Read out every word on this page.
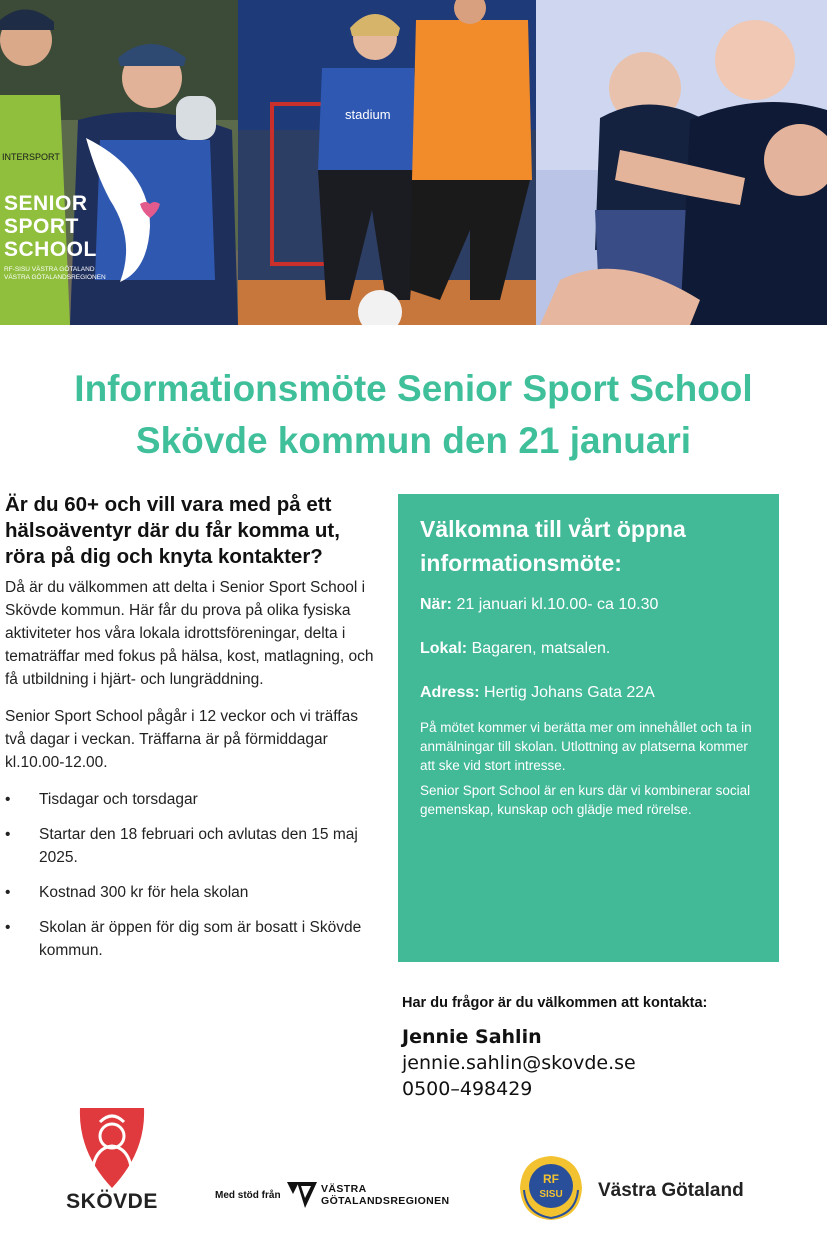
INTERSPORT
stadium
SENIOR
SPORT
SCHOOL
RF-SISU VÄSTRA GÖTALAND
VÄSTRA GÖTALANDSREGIONEN
Informationsmöte Senior Sport School
Skövde kommun den 21 januari

Är du 60+ och vill vara med på ett hälsoäventyr där du får komma ut, röra på dig och knyta kontakter?

Då är du välkommen att delta i Senior Sport School i Skövde kommun. Här får du prova på olika fysiska aktiviteter hos våra lokala idrottsföreningar, delta i tematräffar med fokus på hälsa, kost, matlagning, och få utbildning i hjärt- och lungräddning.

Senior Sport School pågår i 12 veckor och vi träffas två dagar i veckan. Träffarna är på förmiddagar kl.10.00-12.00.

• Tisdagar och torsdagar
• Startar den 18 februari och avlutas den 15 maj 2025.
• Kostnad 300 kr för hela skolan
• Skolan är öppen för dig som är bosatt i Skövde kommun.

Välkomna till vårt öppna informationsmöte:

När: 21 januari kl.10.00- ca 10.30

Lokal: Bagaren, matsalen.

Adress: Hertig Johans Gata 22A

På mötet kommer vi berätta mer om innehållet och ta in anmälningar till skolan. Utlottning av platserna kommer att ske vid stort intresse.

Senior Sport School är en kurs där vi kombinerar social gemenskap, kunskap och glädje med rörelse.

Har du frågor är du välkommen att kontakta:
Jennie Sahlin
jennie.sahlin@skovde.se
0500–498429
SKÖVDE	Med stöd från
VÄSTRA
GÖTALANDSREGIONEN
RF
SISU Västra Götaland
